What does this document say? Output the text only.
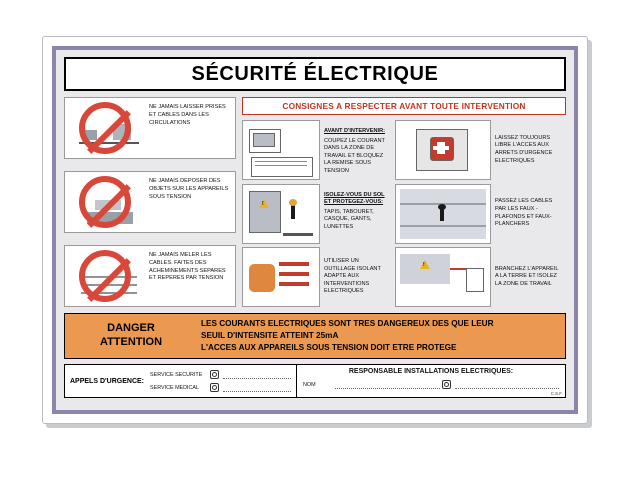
SÉCURITÉ ÉLECTRIQUE
NE JAMAIS LAISSER PRISES ET CABLES DANS LES CIRCULATIONS
NE JAMAIS DEPOSER DES OBJETS SUR LES APPAREILS SOUS TENSION
NE JAMAIS MELER LES CABLES. FAITES DES ACHEMINEMENTS SEPARES ET REPERES PAR TENSION
CONSIGNES A RESPECTER AVANT TOUTE INTERVENTION
AVANT D'INTERVENIR:
COUPEZ LE COURANT DANS LA ZONE DE TRAVAIL ET BLOQUEZ LA REMISE SOUS TENSION
LAISSEZ TOUJOURS LIBRE L'ACCES AUX ARRETS D'URGENCE ELECTRIQUES
!
ISOLEZ-VOUS DU SOL ET PROTEGEZ-VOUS:
TAPIS, TABOURET, CASQUE, GANTS, LUNETTES
PASSEZ LES CABLES PAR LES FAUX -PLAFONDS ET FAUX-PLANCHERS
UTILISER UN OUTILLAGE ISOLANT ADAPTE AUX INTERVENTIONS ELECTRIQUES
!
BRANCHEZ L'APPAREIL A LA TERRE ET ISOLEZ LA ZONE DE TRAVAIL
DANGER
ATTENTION
LES COURANTS ELECTRIQUES SONT TRES DANGEREUX DES QUE LEUR
SEUIL D'INTENSITE ATTEINT 25mA
L'ACCES AUX APPAREILS SOUS TENSION DOIT ETRE PROTEGE
APPELS D'URGENCE:
SERVICE SECURITE
SERVICE MEDICAL
RESPONSABLE INSTALLATIONS ELECTRIQUES:
NOM
C.S.F
